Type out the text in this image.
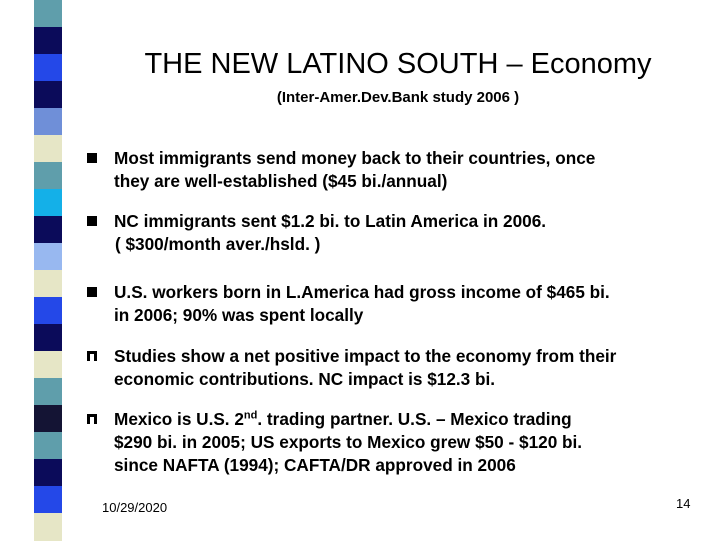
THE NEW LATINO SOUTH – Economy
(Inter-Amer.Dev.Bank study 2006 )
Most immigrants send money back to their countries, once
they are well-established ($45 bi./annual)
NC immigrants sent $1.2 bi. to Latin America in 2006.
( $300/month aver./hsld. )
U.S. workers born in L.America had gross income of $465 bi.
in 2006; 90% was spent locally
Studies show a net positive impact to the economy from their
economic contributions. NC impact is $12.3 bi.
Mexico is U.S. 2nd. trading partner. U.S. – Mexico trading
$290 bi. in 2005; US exports to Mexico grew $50 - $120 bi.
since NAFTA (1994); CAFTA/DR approved in 2006
10/29/2020	14
